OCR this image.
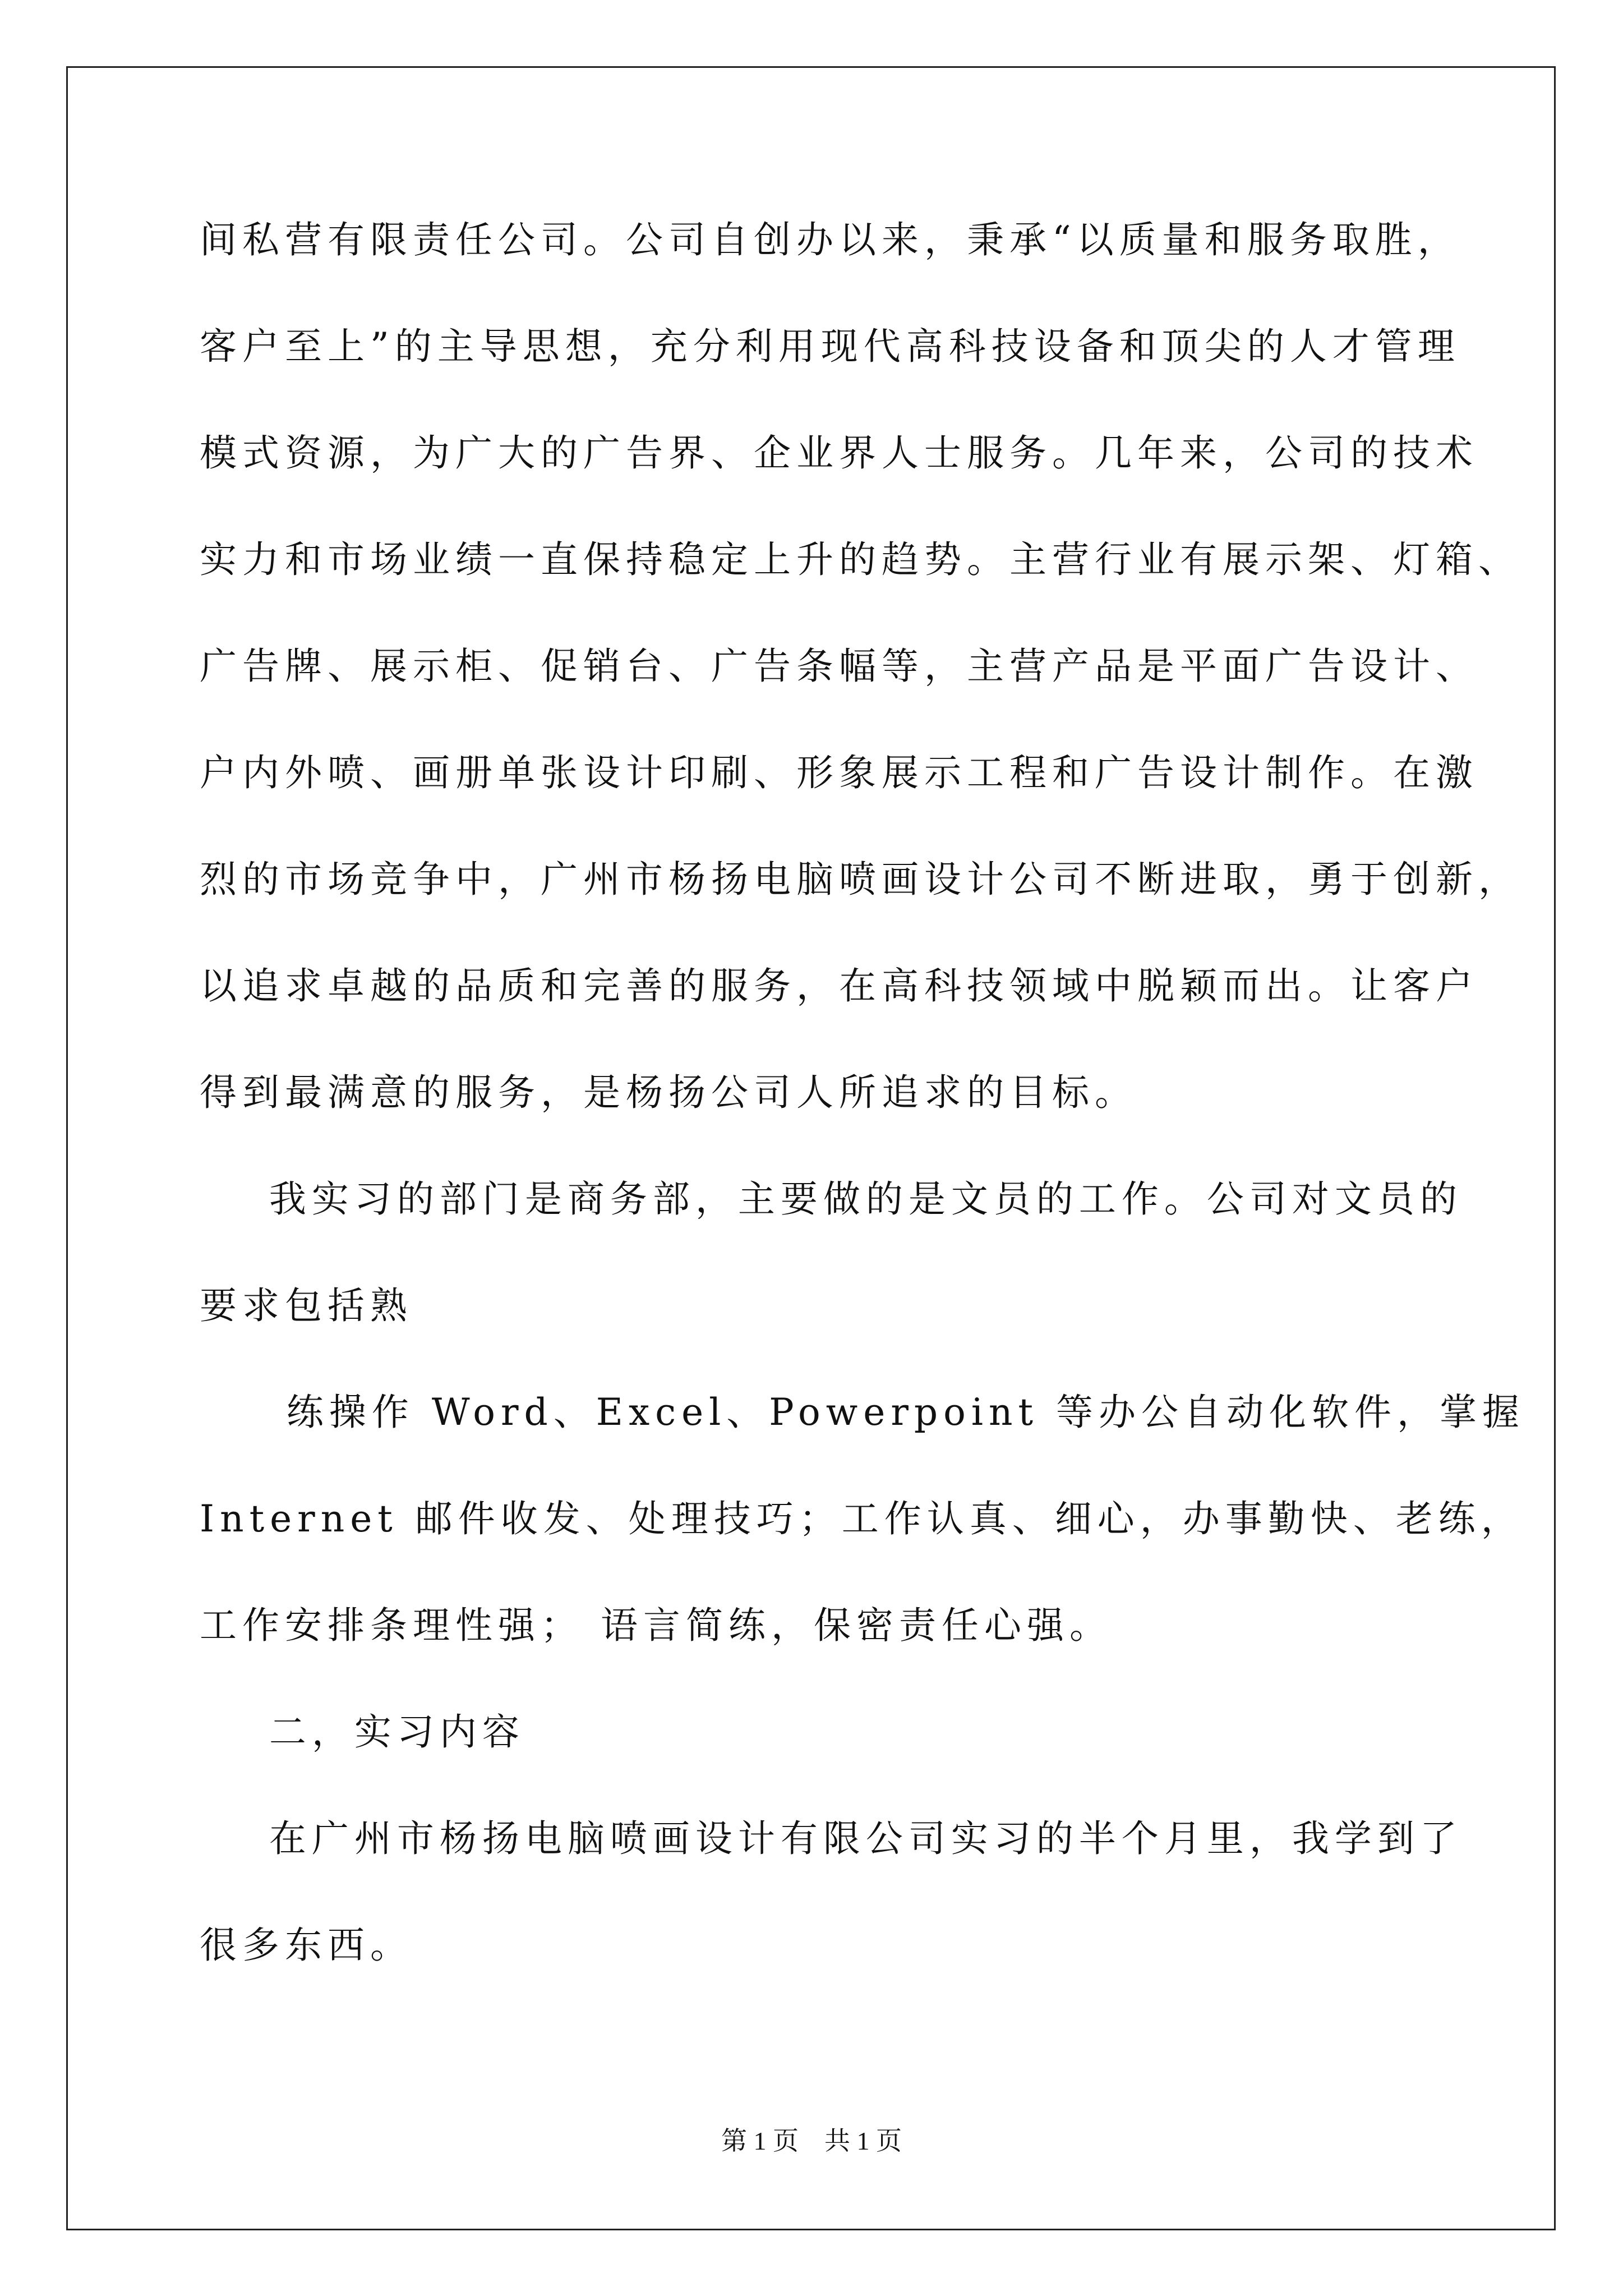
间私营有限责任公司。公司自创办以来，秉承“以质量和服务取胜，
客户至上”的主导思想，充分利用现代高科技设备和顶尖的人才管理
模式资源，为广大的广告界、企业界人士服务。几年来，公司的技术
实力和市场业绩一直保持稳定上升的趋势。主营行业有展示架、灯箱、
广告牌、展示柜、促销台、广告条幅等，主营产品是平面广告设计、
户内外喷、画册单张设计印刷、形象展示工程和广告设计制作。在激
烈的市场竞争中，广州市杨扬电脑喷画设计公司不断进取，勇于创新，
以追求卓越的品质和完善的服务，在高科技领域中脱颖而出。让客户
得到最满意的服务，是杨扬公司人所追求的目标。
我实习的部门是商务部，主要做的是文员的工作。公司对文员的
要求包括熟
练操作 Word、Excel、Powerpoint 等办公自动化软件，掌握
Internet 邮件收发、处理技巧；工作认真、细心，办事勤快、老练，
工作安排条理性强； 语言简练，保密责任心强。
二，实习内容
在广州市杨扬电脑喷画设计有限公司实习的半个月里，我学到了
很多东西。
第 1 页    共 1 页
